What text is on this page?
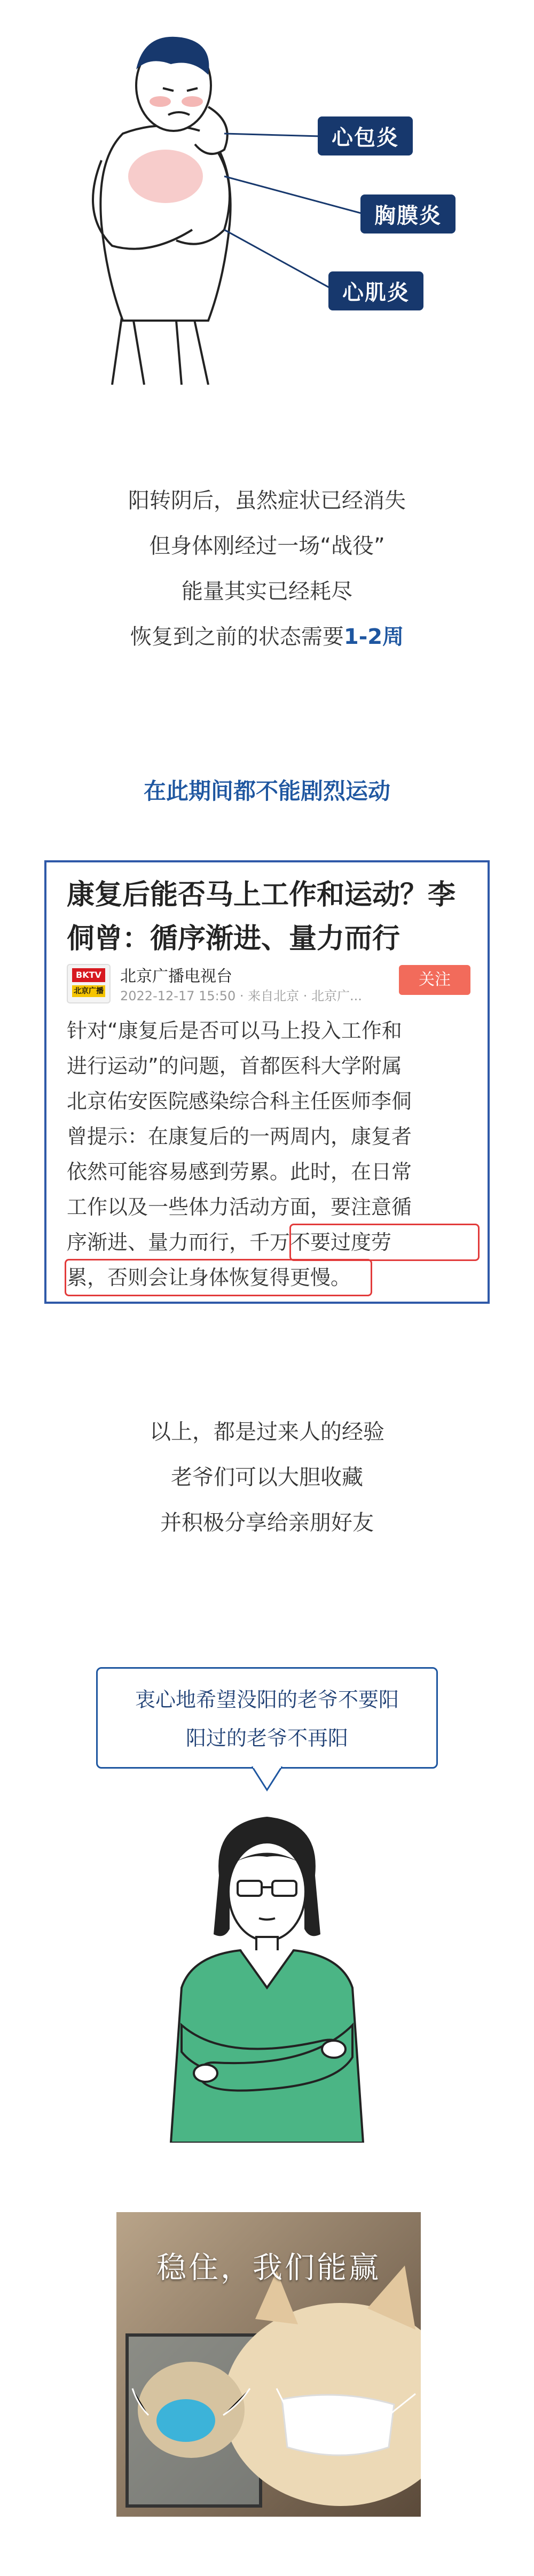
心包炎
胸膜炎
心肌炎
阳转阴后，虽然症状已经消失
但身体刚经过一场“战役”
能量其实已经耗尽
恢复到之前的状态需要1-2周
在此期间都不能剧烈运动
康复后能否马上工作和运动？李
侗曾：循序渐进、量力而行
BKTV
北京广播
北京广播电视台
2022-12-17 15:50 · 来自北京 · 北京广...
关注
针对“康复后是否可以马上投入工作和
进行运动”的问题，首都医科大学附属
北京佑安医院感染综合科主任医师李侗
曾提示：在康复后的一两周内，康复者
依然可能容易感到劳累。此时，在日常
工作以及一些体力活动方面，要注意循
序渐进、量力而行，千万不要过度劳
累，否则会让身体恢复得更慢。
以上，都是过来人的经验
老爷们可以大胆收藏
并积极分享给亲朋好友
衷心地希望没阳的老爷不要阳
阳过的老爷不再阳
稳住，我们能赢
